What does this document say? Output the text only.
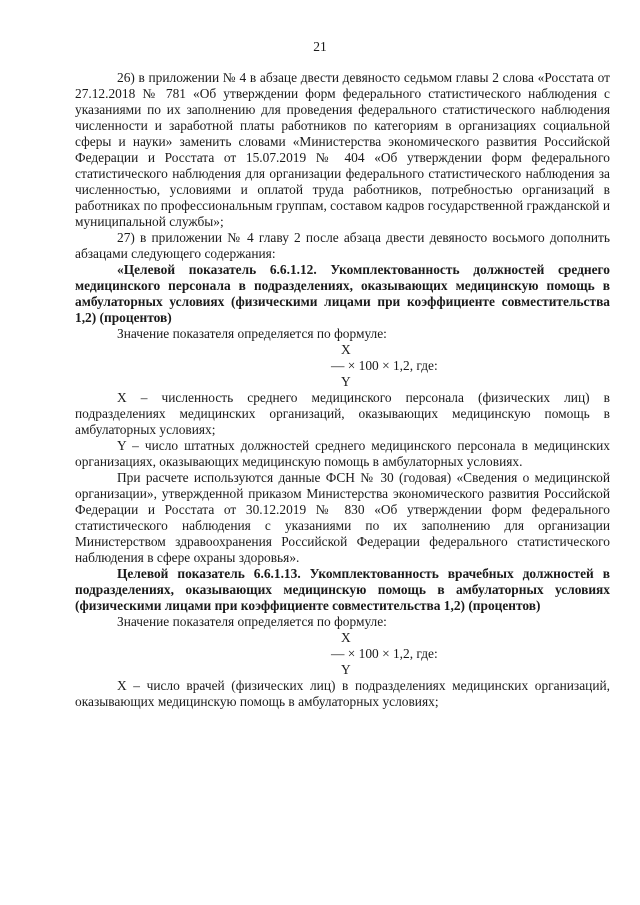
21

26) в приложении № 4 в абзаце двести девяносто седьмом главы 2 слова «Росстата от 27.12.2018 № 781 «Об утверждении форм федерального статистического наблюдения с указаниями по их заполнению для проведения федерального статистического наблюдения численности и заработной платы работников по категориям в организациях социальной сферы и науки» заменить словами «Министерства экономического развития Российской Федерации и Росстата от 15.07.2019 № 404 «Об утверждении форм федерального статистического наблюдения для организации федерального статистического наблюдения за численностью, условиями и оплатой труда работников, потребностью организаций в работниках по профессиональным группам, составом кадров государственной гражданской и муниципальной службы»;

27) в приложении № 4 главу 2 после абзаца двести девяносто восьмого дополнить абзацами следующего содержания:

«Целевой показатель 6.6.1.12. Укомплектованность должностей среднего медицинского персонала в подразделениях, оказывающих медицинскую помощь в амбулаторных условиях (физическими лицами при коэффициенте совместительства 1,2) (процентов)

Значение показателя определяется по формуле:

X
— × 100 × 1,2, где:
Y

X – численность среднего медицинского персонала (физических лиц) в подразделениях медицинских организаций, оказывающих медицинскую помощь в амбулаторных условиях;

Y – число штатных должностей среднего медицинского персонала в медицинских организациях, оказывающих медицинскую помощь в амбулаторных условиях.

При расчете используются данные ФСН № 30 (годовая) «Сведения о медицинской организации», утвержденной приказом Министерства экономического развития Российской Федерации и Росстата от 30.12.2019 № 830 «Об утверждении форм федерального статистического наблюдения с указаниями по их заполнению для организации Министерством здравоохранения Российской Федерации федерального статистического наблюдения в сфере охраны здоровья».

Целевой показатель 6.6.1.13. Укомплектованность врачебных должностей в подразделениях, оказывающих медицинскую помощь в амбулаторных условиях (физическими лицами при коэффициенте совместительства 1,2) (процентов)

Значение показателя определяется по формуле:

X
— × 100 × 1,2, где:
Y

X – число врачей (физических лиц) в подразделениях медицинских организаций, оказывающих медицинскую помощь в амбулаторных условиях;
